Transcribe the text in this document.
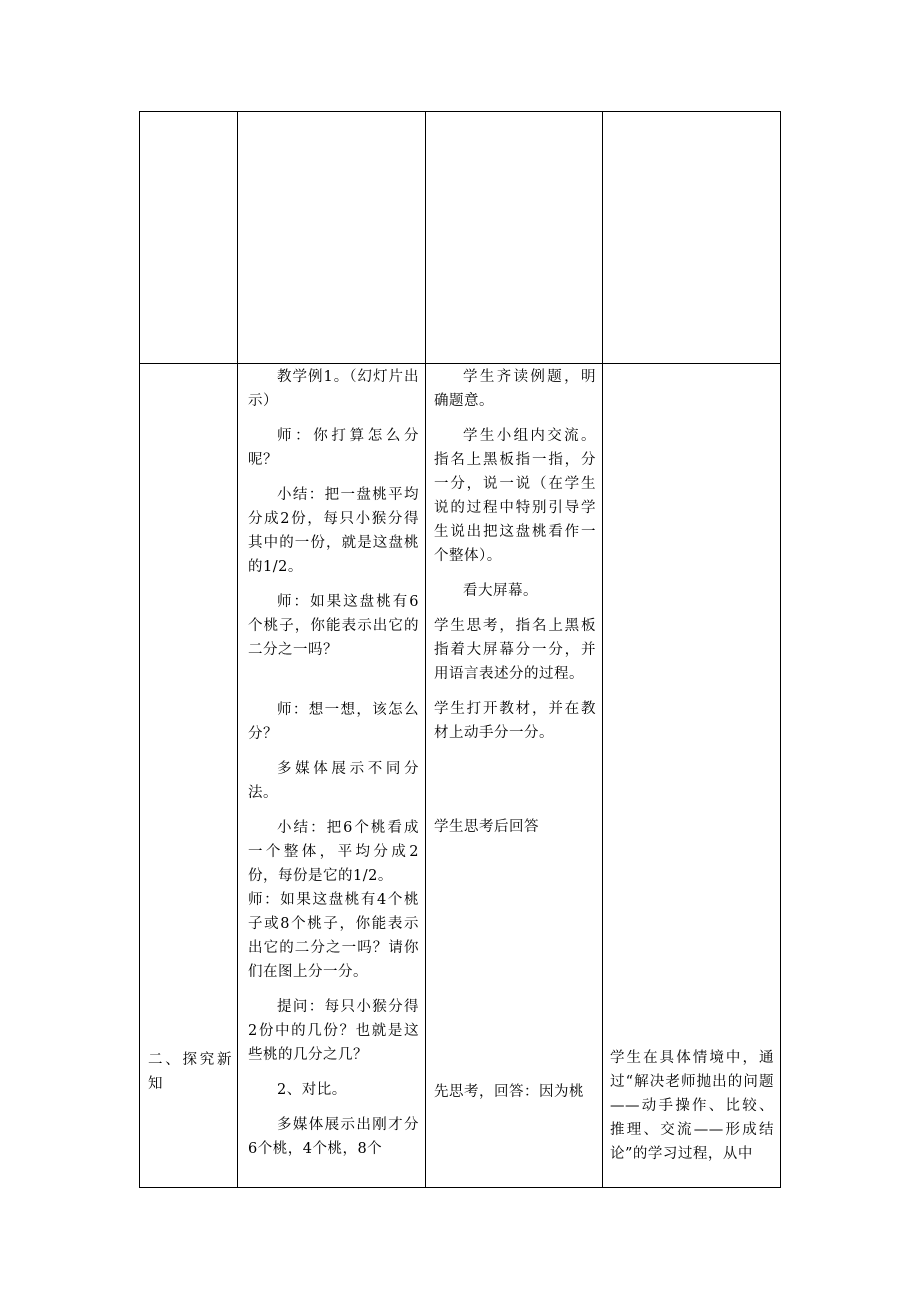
二、探究新知

教学例1。（幻灯片出示）

师：你打算怎么分呢？

小结：把一盘桃平均分成2份，每只小猴分得其中的一份，就是这盘桃的1/2。

师：如果这盘桃有6个桃子，你能表示出它的二分之一吗？

师：想一想，该怎么分？

多媒体展示不同分法。

小结：把6个桃看成一个整体，平均分成2份，每份是它的1/2。

师：如果这盘桃有4个桃子或8个桃子，你能表示出它的二分之一吗？请你们在图上分一分。

提问：每只小猴分得2份中的几份？也就是这些桃的几分之几？

2、对比。

多媒体展示出刚才分6个桃，4个桃，8个

学生齐读例题，明确题意。

学生小组内交流。指名上黑板指一指，分一分，说一说（在学生说的过程中特别引导学生说出把这盘桃看作一个整体）。

看大屏幕。

学生思考，指名上黑板指着大屏幕分一分，并用语言表述分的过程。

学生打开教材，并在教材上动手分一分。

学生思考后回答

先思考，回答：因为桃

学生在具体情境中，通过“解决老师抛出的问题——动手操作、比较、推理、交流——形成结论”的学习过程，从中
